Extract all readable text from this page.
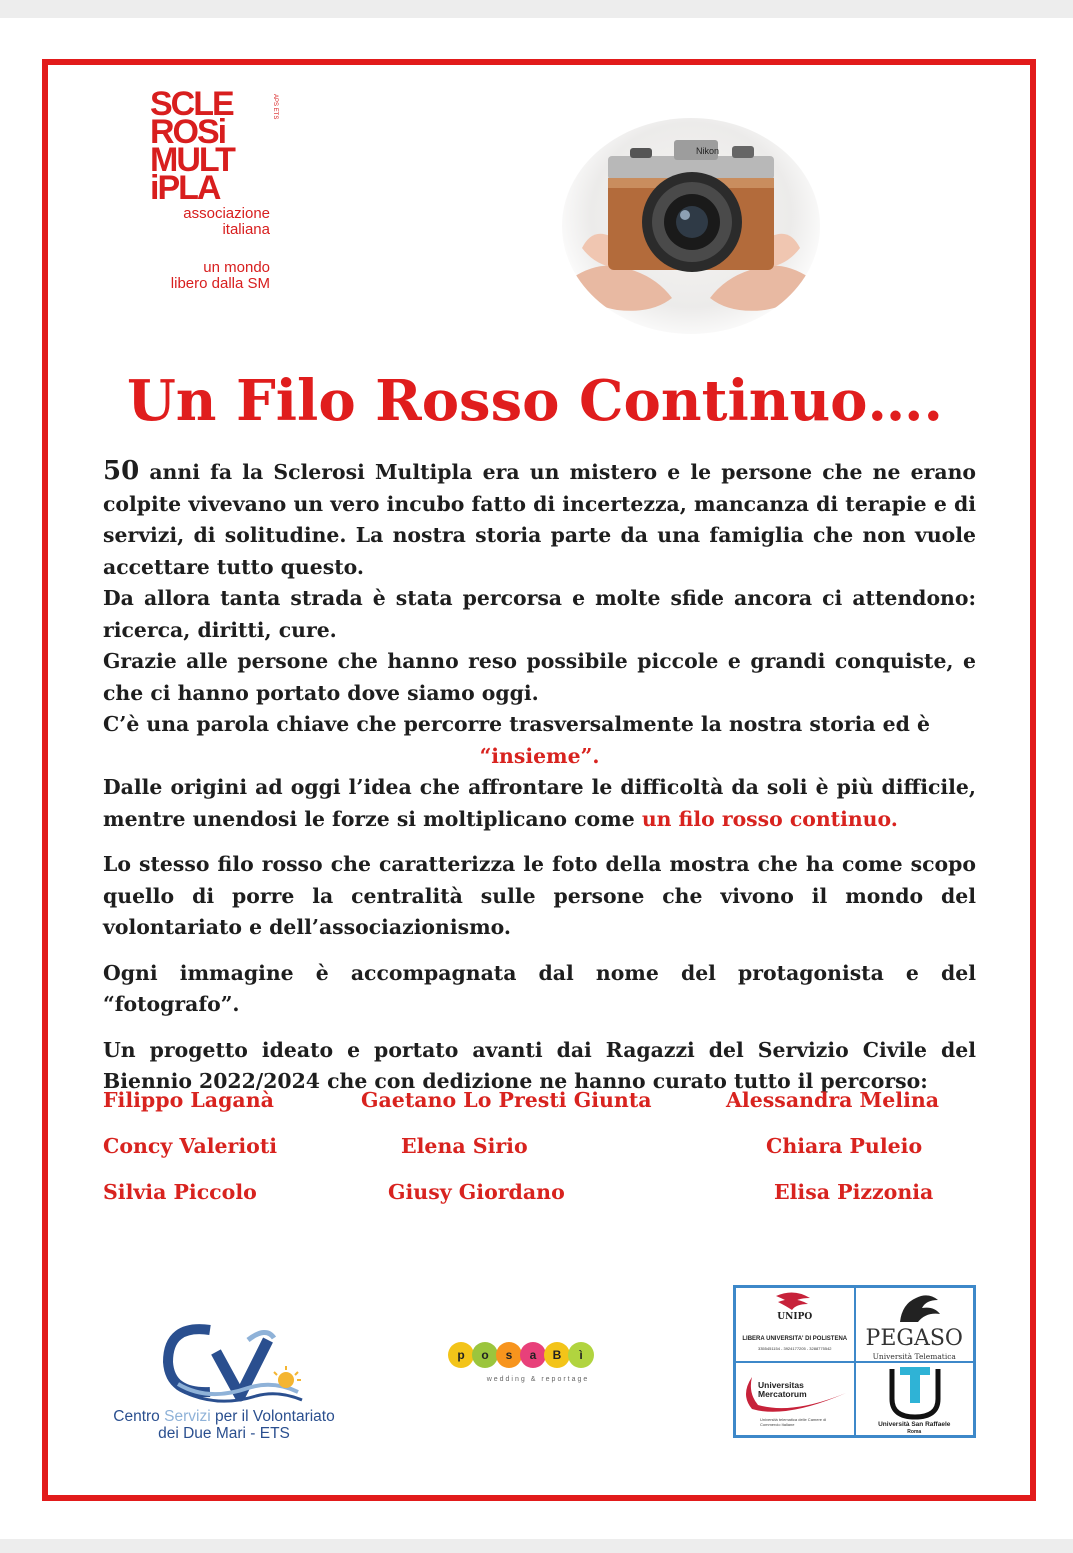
SCLE
ROSi
MULT
iPLA
APS ETS
associazione
italiana
un mondo
libero dalla SM
Nikon
Un Filo Rosso Continuo….

50 anni fa la Sclerosi Multipla era un mistero e le persone che ne erano colpite vivevano un vero incubo fatto di incertezza, mancanza di terapie e di servizi, di solitudine. La nostra storia parte da una famiglia che non vuole accettare tutto questo.

Da allora tanta strada è stata percorsa e molte sfide ancora ci attendono: ricerca, diritti, cure.

Grazie alle persone che hanno reso possibile piccole e grandi conquiste, e che ci hanno portato dove siamo oggi.

C’è una parola chiave che percorre trasversalmente la nostra storia ed è

“insieme”.

Dalle origini ad oggi l’idea che affrontare le difficoltà da soli è più difficile, mentre unendosi le forze si moltiplicano come un filo rosso continuo.

Lo stesso filo rosso che caratterizza le foto della mostra che ha come scopo quello di porre la centralità sulle persone che vivono il mondo del volontariato e dell’associazionismo.

Ogni immagine è accompagnata dal nome del protagonista e del “fotografo”.

Un progetto ideato e portato avanti dai Ragazzi del Servizio Civile del Biennio 2022/2024 che con dedizione ne hanno curato tutto il percorso:

Filippo Laganà	Gaetano Lo Presti Giunta	Alessandra Melina
Concy Valerioti	Elena Sirio	Chiara Puleio
Silvia Piccolo	Giusy Giordano	Elisa Pizzonia
Centro Servizi per il Volontariato
dei Due Mari - ETS
p	o	s	a	B	ì
wedding & reportage
UNIPO
LIBERA UNIVERSITA' DI POLISTENA
3355451154 - 3924177205 - 3288775542	PEGASO
Università Telematica
Universitas
Mercatorum
Università telematica delle Camere di Commercio Italiane	Università San Raffaele
Roma
